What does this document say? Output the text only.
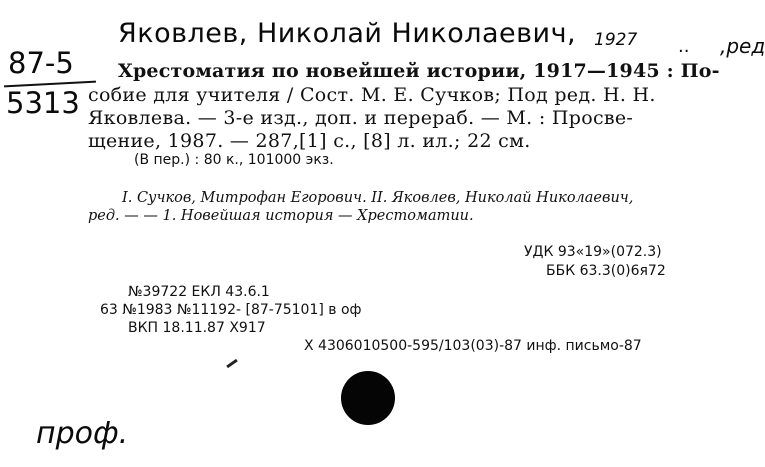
Яковлев, Николай Николаевич, 1927 .. ,ред
87-5
5313
Хрестоматия по новейшей истории, 1917—1945 : По-
собие для учителя / Сост. М. Е. Сучков; Под ред. Н. Н.
Яковлева. — 3-е изд., доп. и перераб. — М. : Просве-
щение, 1987. — 287,[1] с., [8] л. ил.; 22 см.
(В пер.) : 80 к., 101000 экз.
I. Сучков, Митрофан Егорович. II. Яковлев, Николай Николаевич,
ред. — — 1. Новейшая история — Хрестоматии.
УДК 93«19»(072.3)
ББК 63.3(0)6я72
№39722 ЕКЛ 43.6.1
63 №1983 №11192- [87-75101] в оф
ВКП 18.11.87 Х917
Х 4306010500-595/103(03)-87 инф. письмо-87
проф.
